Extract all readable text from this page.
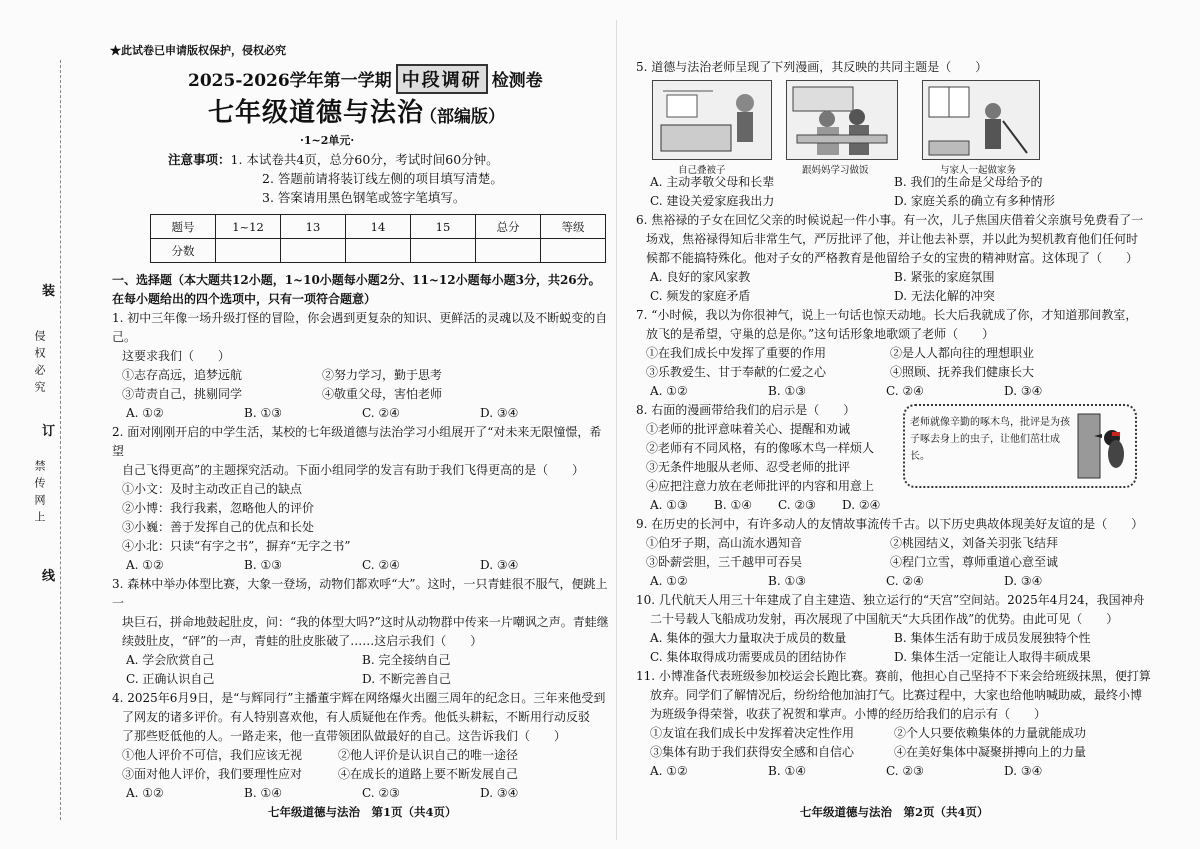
装
订
线
侵权必究
禁传网上
★此试卷已申请版权保护，侵权必究
2025-2026学年第一学期 中段调研 检测卷
七年级道德与法治
（部编版）
·1~2单元·
注意事项：1. 本试卷共4页，总分60分，考试时间60分钟。
2. 答题前请将装订线左侧的项目填写清楚。
3. 答案请用黑色钢笔或签字笔填写。
题号	1~12	13	14	15	总分	等级
分数						
一、选择题（本大题共12小题，1~10小题每小题2分、11~12小题每小题3分，共26分。在每小题给出的四个选项中，只有一项符合题意）
1. 初中三年像一场升级打怪的冒险，你会遇到更复杂的知识、更鲜活的灵魂以及不断蜕变的自己。
这要求我们（　　）
①志存高远，追梦远航	②努力学习，勤于思考
③苛责自己，挑剔同学	④敬重父母，害怕老师
A. ①②	B. ①③	C. ②④	D. ③④
2. 面对刚刚开启的中学生活，某校的七年级道德与法治学习小组展开了“对未来无限憧憬，希望
自己飞得更高”的主题探究活动。下面小组同学的发言有助于我们飞得更高的是（　　）
①小文：及时主动改正自己的缺点
②小博：我行我素，忽略他人的评价
③小巍：善于发挥自己的优点和长处
④小北：只读“有字之书”，摒弃“无字之书”
A. ①②	B. ①③	C. ②④	D. ③④
3. 森林中举办体型比赛，大象一登场，动物们都欢呼“大”。这时，一只青蛙很不服气，便跳上一
块巨石，拼命地鼓起肚皮，问：“我的体型大吗?”这时从动物群中传来一片嘲讽之声。青蛙继
续鼓肚皮，“砰”的一声，青蛙的肚皮胀破了……这启示我们（　　）
A. 学会欣赏自己	B. 完全接纳自己
C. 正确认识自己	D. 不断完善自己
4. 2025年6月9日，是“与辉同行”主播董宇辉在网络爆火出圈三周年的纪念日。三年来他受到
了网友的诸多评价。有人特别喜欢他，有人质疑他在作秀。他低头耕耘，不断用行动反驳
了那些贬低他的人。一路走来，他一直带领团队做最好的自己。这告诉我们（　　）
①他人评价不可信，我们应该无视	②他人评价是认识自己的唯一途径
③面对他人评价，我们要理性应对	④在成长的道路上要不断发展自己
A. ①②	B. ①④	C. ②③	D. ③④
七年级道德与法治　第1页（共4页）
5. 道德与法治老师呈现了下列漫画，其反映的共同主题是（　　）
A. 主动孝敬父母和长辈	B. 我们的生命是父母给予的
C. 建设关爱家庭我出力	D. 家庭关系的确立有多种情形
6. 焦裕禄的子女在回忆父亲的时候说起一件小事。有一次，儿子焦国庆借着父亲旗号免费看了一
场戏，焦裕禄得知后非常生气，严厉批评了他，并让他去补票，并以此为契机教育他们任何时
候都不能搞特殊化。他对子女的严格教育是他留给子女的宝贵的精神财富。这体现了（　　）
A. 良好的家风家教	B. 紧张的家庭氛围
C. 频发的家庭矛盾	D. 无法化解的冲突
7. “小时候，我以为你很神气，说上一句话也惊天动地。长大后我就成了你，才知道那间教室，
放飞的是希望，守巢的总是你。”这句话形象地歌颂了老师（　　）
①在我们成长中发挥了重要的作用	②是人人都向往的理想职业
③乐教爱生、甘于奉献的仁爱之心	④照顾、抚养我们健康长大
A. ①②	B. ①③	C. ②④	D. ③④
8. 右面的漫画带给我们的启示是（　　）
①老师的批评意味着关心、提醒和劝诫
②老师有不同风格，有的像啄木鸟一样烦人
③无条件地服从老师、忍受老师的批评
④应把注意力放在老师批评的内容和用意上
A. ①③	B. ①④	C. ②③	D. ②④
9. 在历史的长河中，有许多动人的友情故事流传千古。以下历史典故体现美好友谊的是（　　）
①伯牙子期，高山流水遇知音	②桃园结义，刘备关羽张飞结拜
③卧薪尝胆，三千越甲可吞吴	④程门立雪，尊师重道心意至诚
A. ①②	B. ①③	C. ②④	D. ③④
10. 几代航天人用三十年建成了自主建造、独立运行的“天宫”空间站。2025年4月24，我国神舟
二十号载人飞船成功发射，再次展现了中国航天“大兵团作战”的优势。由此可见（　　）
A. 集体的强大力量取决于成员的数量	B. 集体生活有助于成员发展独特个性
C. 集体取得成功需要成员的团结协作	D. 集体生活一定能让人取得丰硕成果
11. 小博准备代表班级参加校运会长跑比赛。赛前，他担心自己坚持不下来会给班级抹黑，便打算
放弃。同学们了解情况后，纷纷给他加油打气。比赛过程中，大家也给他呐喊助威，最终小博
为班级争得荣誉，收获了祝贺和掌声。小博的经历给我们的启示有（　　）
①友谊在我们成长中发挥着决定性作用	②个人只要依赖集体的力量就能成功
③集体有助于我们获得安全感和自信心	④在美好集体中凝聚拼搏向上的力量
A. ①②	B. ①④	C. ②③	D. ③④
自己叠被子	跟妈妈学习做饭	与家人一起做家务
老师就像辛勤的啄木鸟，批评是为孩子啄去身上的虫子，让他们茁壮成长。
七年级道德与法治　第2页（共4页）
